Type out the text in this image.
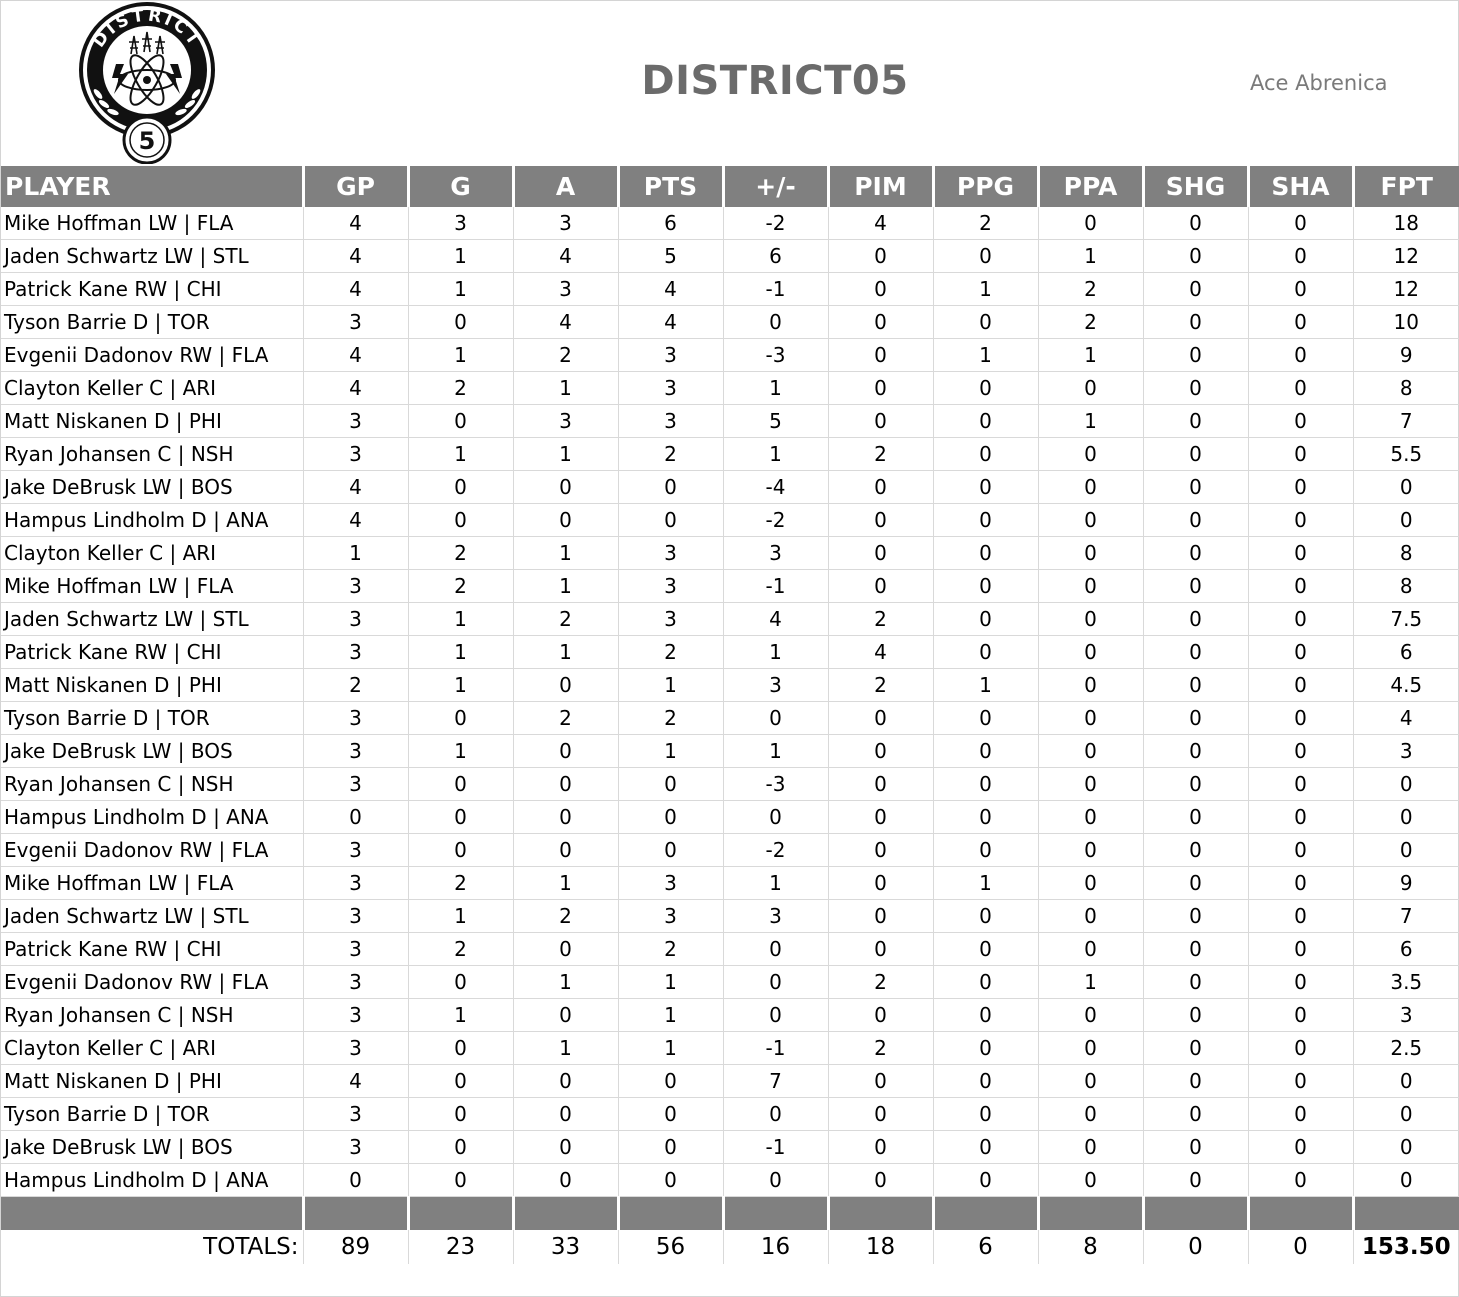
DISTRICT
5
DISTRICT05	Ace Abrenica
PLAYER	GP	G	A	PTS	+/-	PIM	PPG	PPA	SHG	SHA	FPT
Mike Hoffman LW | FLA	4	3	3	6	-2	4	2	0	0	0	18
Jaden Schwartz LW | STL	4	1	4	5	6	0	0	1	0	0	12
Patrick Kane RW | CHI	4	1	3	4	-1	0	1	2	0	0	12
Tyson Barrie D | TOR	3	0	4	4	0	0	0	2	0	0	10
Evgenii Dadonov RW | FLA	4	1	2	3	-3	0	1	1	0	0	9
Clayton Keller C | ARI	4	2	1	3	1	0	0	0	0	0	8
Matt Niskanen D | PHI	3	0	3	3	5	0	0	1	0	0	7
Ryan Johansen C | NSH	3	1	1	2	1	2	0	0	0	0	5.5
Jake DeBrusk LW | BOS	4	0	0	0	-4	0	0	0	0	0	0
Hampus Lindholm D | ANA	4	0	0	0	-2	0	0	0	0	0	0
Clayton Keller C | ARI	1	2	1	3	3	0	0	0	0	0	8
Mike Hoffman LW | FLA	3	2	1	3	-1	0	0	0	0	0	8
Jaden Schwartz LW | STL	3	1	2	3	4	2	0	0	0	0	7.5
Patrick Kane RW | CHI	3	1	1	2	1	4	0	0	0	0	6
Matt Niskanen D | PHI	2	1	0	1	3	2	1	0	0	0	4.5
Tyson Barrie D | TOR	3	0	2	2	0	0	0	0	0	0	4
Jake DeBrusk LW | BOS	3	1	0	1	1	0	0	0	0	0	3
Ryan Johansen C | NSH	3	0	0	0	-3	0	0	0	0	0	0
Hampus Lindholm D | ANA	0	0	0	0	0	0	0	0	0	0	0
Evgenii Dadonov RW | FLA	3	0	0	0	-2	0	0	0	0	0	0
Mike Hoffman LW | FLA	3	2	1	3	1	0	1	0	0	0	9
Jaden Schwartz LW | STL	3	1	2	3	3	0	0	0	0	0	7
Patrick Kane RW | CHI	3	2	0	2	0	0	0	0	0	0	6
Evgenii Dadonov RW | FLA	3	0	1	1	0	2	0	1	0	0	3.5
Ryan Johansen C | NSH	3	1	0	1	0	0	0	0	0	0	3
Clayton Keller C | ARI	3	0	1	1	-1	2	0	0	0	0	2.5
Matt Niskanen D | PHI	4	0	0	0	7	0	0	0	0	0	0
Tyson Barrie D | TOR	3	0	0	0	0	0	0	0	0	0	0
Jake DeBrusk LW | BOS	3	0	0	0	-1	0	0	0	0	0	0
Hampus Lindholm D | ANA	0	0	0	0	0	0	0	0	0	0	0

TOTALS:	89	23	33	56	16	18	6	8	0	0	153.50
